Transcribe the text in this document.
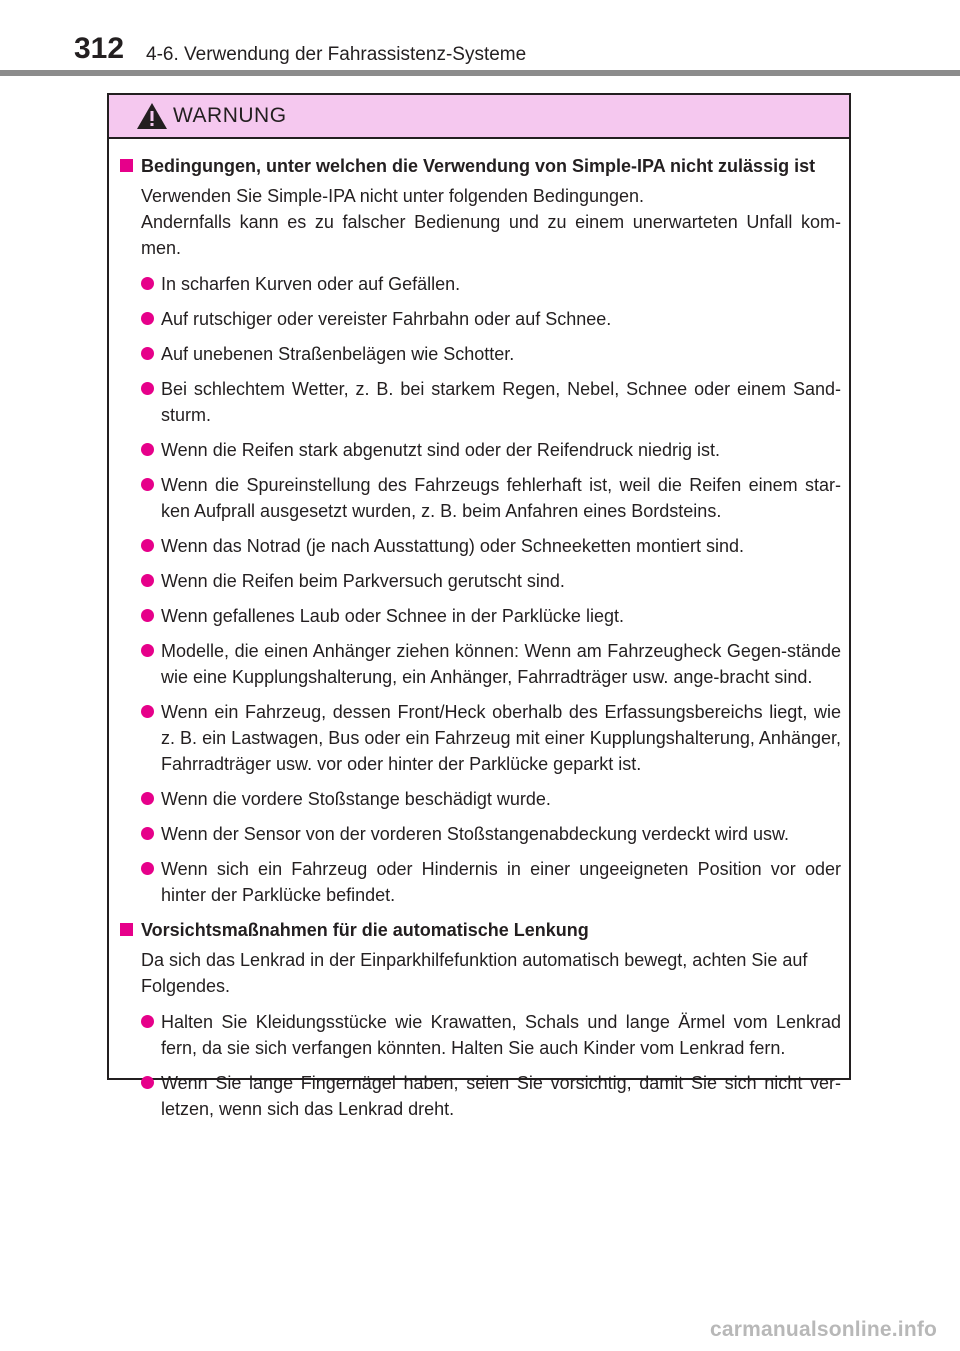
312 4-6. Verwendung der Fahrassistenz-Systeme
WARNUNG
Bedingungen, unter welchen die Verwendung von Simple-IPA nicht zulässig ist
Verwenden Sie Simple-IPA nicht unter folgenden Bedingungen.
Andernfalls kann es zu falscher Bedienung und zu einem unerwarteten Unfall kom-men.
In scharfen Kurven oder auf Gefällen.
Auf rutschiger oder vereister Fahrbahn oder auf Schnee.
Auf unebenen Straßenbelägen wie Schotter.
Bei schlechtem Wetter, z. B. bei starkem Regen, Nebel, Schnee oder einem Sand-sturm.
Wenn die Reifen stark abgenutzt sind oder der Reifendruck niedrig ist.
Wenn die Spureinstellung des Fahrzeugs fehlerhaft ist, weil die Reifen einem star-ken Aufprall ausgesetzt wurden, z. B. beim Anfahren eines Bordsteins.
Wenn das Notrad (je nach Ausstattung) oder Schneeketten montiert sind.
Wenn die Reifen beim Parkversuch gerutscht sind.
Wenn gefallenes Laub oder Schnee in der Parklücke liegt.
Modelle, die einen Anhänger ziehen können: Wenn am Fahrzeugheck Gegen-stände wie eine Kupplungshalterung, ein Anhänger, Fahrradträger usw. ange-bracht sind.
Wenn ein Fahrzeug, dessen Front/Heck oberhalb des Erfassungsbereichs liegt, wie z. B. ein Lastwagen, Bus oder ein Fahrzeug mit einer Kupplungshalterung, Anhänger, Fahrradträger usw. vor oder hinter der Parklücke geparkt ist.
Wenn die vordere Stoßstange beschädigt wurde.
Wenn der Sensor von der vorderen Stoßstangenabdeckung verdeckt wird usw.
Wenn sich ein Fahrzeug oder Hindernis in einer ungeeigneten Position vor oder hinter der Parklücke befindet.
Vorsichtsmaßnahmen für die automatische Lenkung
Da sich das Lenkrad in der Einparkhilfefunktion automatisch bewegt, achten Sie auf Folgendes.
Halten Sie Kleidungsstücke wie Krawatten, Schals und lange Ärmel vom Lenkrad fern, da sie sich verfangen könnten. Halten Sie auch Kinder vom Lenkrad fern.
Wenn Sie lange Fingernägel haben, seien Sie vorsichtig, damit Sie sich nicht ver-letzen, wenn sich das Lenkrad dreht.
carmanualsonline.info
